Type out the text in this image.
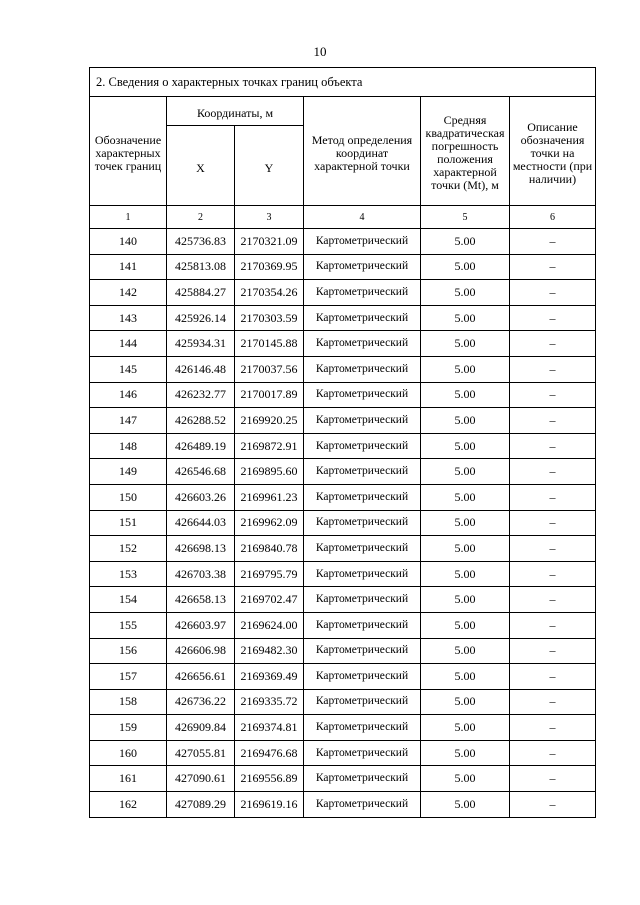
10
2. Сведения о характерных точках границ объекта					
Обозначение характерных точек границ	Координаты, м		Метод определения координат характерной точки	Средняя квадратическая погрешность положения характерной точки (Mt), м	Описание обозначения точки на местности (при наличии)
	X	Y			
1	2	3	4	5	6
140	425736.83	2170321.09	Картометрический	5.00	–
141	425813.08	2170369.95	Картометрический	5.00	–
142	425884.27	2170354.26	Картометрический	5.00	–
143	425926.14	2170303.59	Картометрический	5.00	–
144	425934.31	2170145.88	Картометрический	5.00	–
145	426146.48	2170037.56	Картометрический	5.00	–
146	426232.77	2170017.89	Картометрический	5.00	–
147	426288.52	2169920.25	Картометрический	5.00	–
148	426489.19	2169872.91	Картометрический	5.00	–
149	426546.68	2169895.60	Картометрический	5.00	–
150	426603.26	2169961.23	Картометрический	5.00	–
151	426644.03	2169962.09	Картометрический	5.00	–
152	426698.13	2169840.78	Картометрический	5.00	–
153	426703.38	2169795.79	Картометрический	5.00	–
154	426658.13	2169702.47	Картометрический	5.00	–
155	426603.97	2169624.00	Картометрический	5.00	–
156	426606.98	2169482.30	Картометрический	5.00	–
157	426656.61	2169369.49	Картометрический	5.00	–
158	426736.22	2169335.72	Картометрический	5.00	–
159	426909.84	2169374.81	Картометрический	5.00	–
160	427055.81	2169476.68	Картометрический	5.00	–
161	427090.61	2169556.89	Картометрический	5.00	–
162	427089.29	2169619.16	Картометрический	5.00	–
